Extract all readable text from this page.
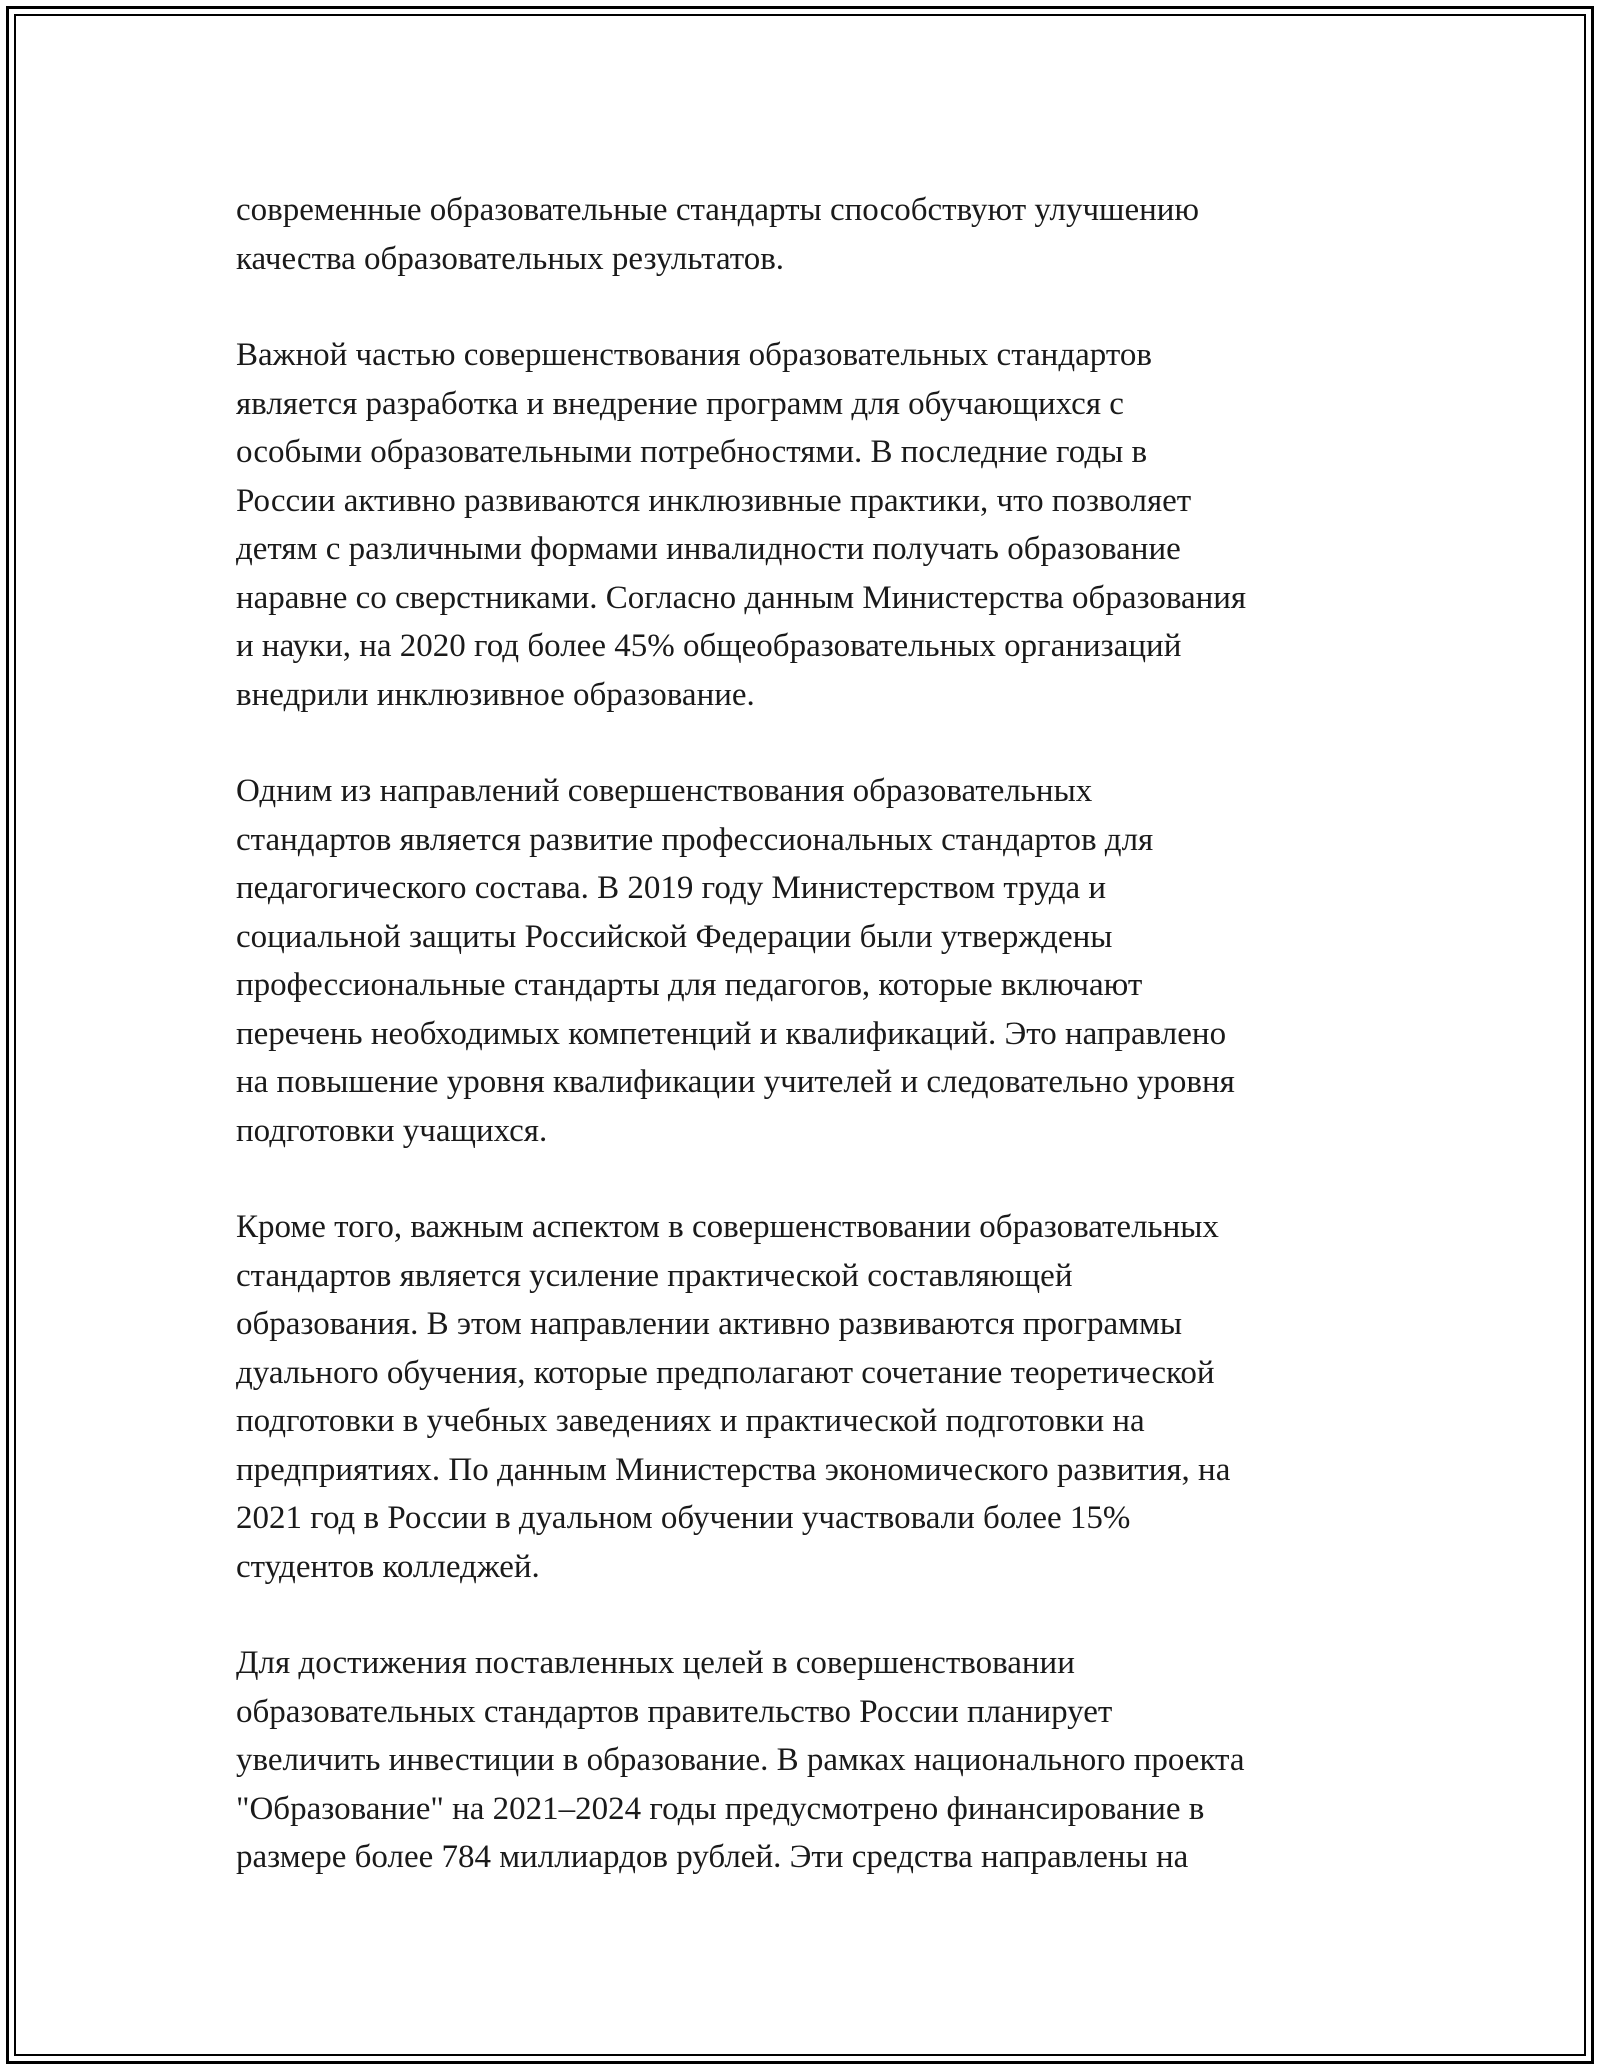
современные образовательные стандарты способствуют улучшению
качества образовательных результатов.

Важной частью совершенствования образовательных стандартов
является разработка и внедрение программ для обучающихся с
особыми образовательными потребностями. В последние годы в
России активно развиваются инклюзивные практики, что позволяет
детям с различными формами инвалидности получать образование
наравне со сверстниками. Согласно данным Министерства образования
и науки, на 2020 год более 45% общеобразовательных организаций
внедрили инклюзивное образование.

Одним из направлений совершенствования образовательных
стандартов является развитие профессиональных стандартов для
педагогического состава. В 2019 году Министерством труда и
социальной защиты Российской Федерации были утверждены
профессиональные стандарты для педагогов, которые включают
перечень необходимых компетенций и квалификаций. Это направлено
на повышение уровня квалификации учителей и следовательно уровня
подготовки учащихся.

Кроме того, важным аспектом в совершенствовании образовательных
стандартов является усиление практической составляющей
образования. В этом направлении активно развиваются программы
дуального обучения, которые предполагают сочетание теоретической
подготовки в учебных заведениях и практической подготовки на
предприятиях. По данным Министерства экономического развития, на
2021 год в России в дуальном обучении участвовали более 15%
студентов колледжей.

Для достижения поставленных целей в совершенствовании
образовательных стандартов правительство России планирует
увеличить инвестиции в образование. В рамках национального проекта
"Образование" на 2021–2024 годы предусмотрено финансирование в
размере более 784 миллиардов рублей. Эти средства направлены на
